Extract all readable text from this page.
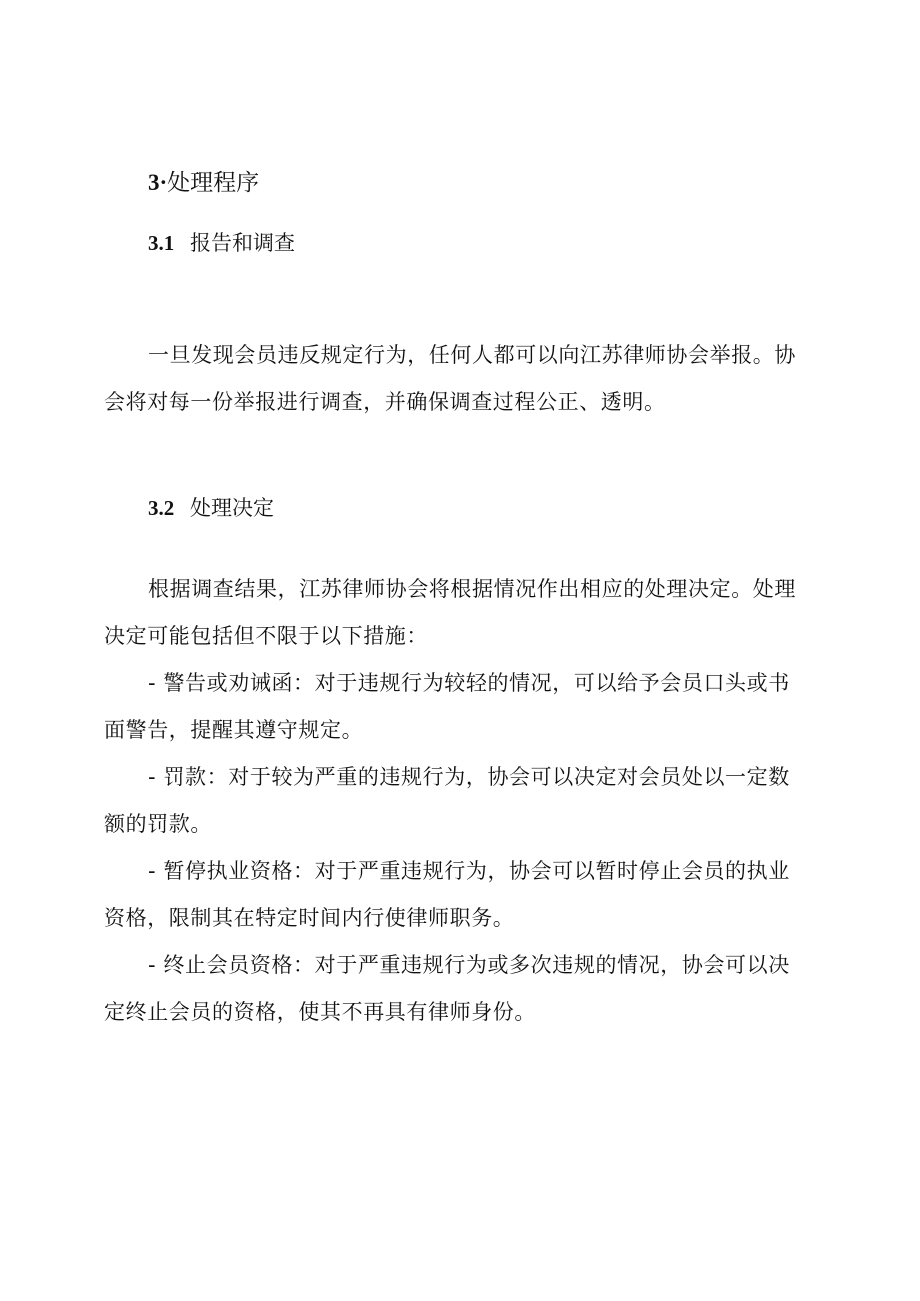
3·处理程序
3.1 报告和调查

一旦发现会员违反规定行为，任何人都可以向江苏律师协会举报。协会将对每一份举报进行调查，并确保调查过程公正、透明。

3.2 处理决定

根据调查结果，江苏律师协会将根据情况作出相应的处理决定。处理决定可能包括但不限于以下措施：

- 警告或劝诫函：对于违规行为较轻的情况，可以给予会员口头或书面警告，提醒其遵守规定。
- 罚款：对于较为严重的违规行为，协会可以决定对会员处以一定数额的罚款。
- 暂停执业资格：对于严重违规行为，协会可以暂时停止会员的执业资格，限制其在特定时间内行使律师职务。
- 终止会员资格：对于严重违规行为或多次违规的情况，协会可以决定终止会员的资格，使其不再具有律师身份。
